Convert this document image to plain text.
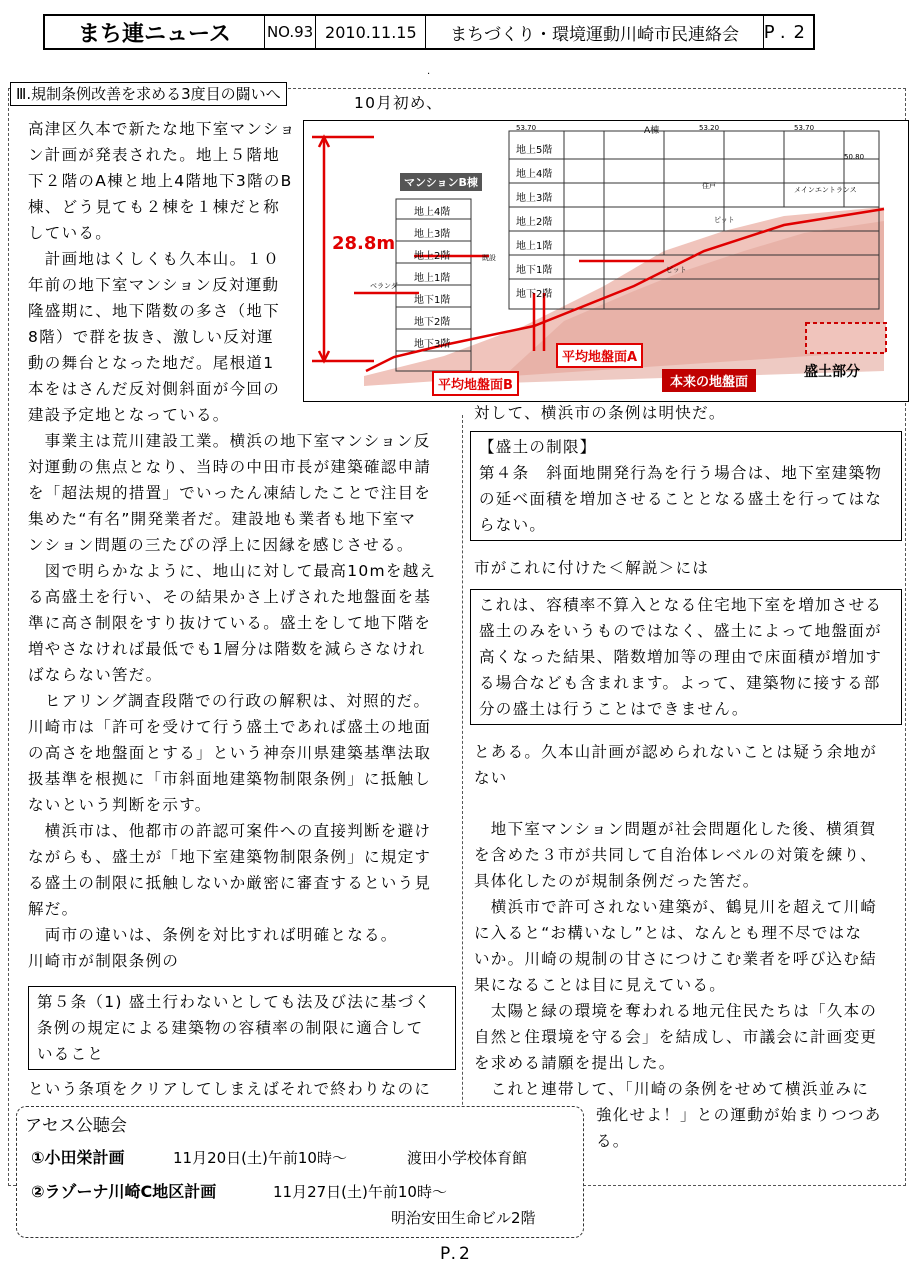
まち連ニュース	NO.93 2010.11.15	まちづくり・環境運動川崎市民連絡会	P.2
.
Ⅲ.規制条例改善を求める3度目の闘いへ	10月初め、
高津区久本で新たな地下室マンショ
ン計画が発表された。地上５階地
下２階のA棟と地上4階地下3階のB
棟、どう見ても２棟を１棟だと称
している。
　計画地はくしくも久本山。１０
年前の地下室マンション反対運動
隆盛期に、地下階数の多さ（地下
8階）で群を抜き、激しい反対運
動の舞台となった地だ。尾根道1
本をはさんだ反対側斜面が今回の
建設予定地となっている。
　事業主は荒川建設工業。横浜の地下室マンション反
対運動の焦点となり、当時の中田市長が建築確認申請
を「超法規的措置」でいったん凍結したことで注目を
集めた“有名”開発業者だ。建設地も業者も地下室マ
ンション問題の三たびの浮上に因縁を感じさせる。
　図で明らかなように、地山に対して最高10mを越え
る高盛土を行い、その結果かさ上げされた地盤面を基
準に高さ制限をすり抜けている。盛土をして地下階を
増やさなければ最低でも1層分は階数を減らさなけれ
ばならない筈だ。
　ヒアリング調査段階での行政の解釈は、対照的だ。
川崎市は「許可を受けて行う盛土であれば盛土の地面
の高さを地盤面とする」という神奈川県建築基準法取
扱基準を根拠に「市斜面地建築物制限条例」に抵触し
ないという判断を示す。
　横浜市は、他都市の許認可案件への直接判断を避け
ながらも、盛土が「地下室建築物制限条例」に規定す
る盛土の制限に抵触しないか厳密に審査するという見
解だ。
　両市の違いは、条例を対比すれば明確となる。
川崎市が制限条例の
第５条（1) 盛土行わないとしても法及び法に基づく
条例の規定による建築物の容積率の制限に適合して
いること
という条項をクリアしてしまえばそれで終わりなのに
28.8m
マンションB棟
地上4階
地上3階
地上2階
地上1階
地下1階
地下2階
地下3階
A棟
地上5階
地上4階
地上3階
地上2階
地上1階
地下1階
地下2階
53.70	53.20	53.70
50.80
ピット
ピット
住戸	メインエントランス
ベランダ
既設
平均地盤面A
平均地盤面B	本来の地盤面
盛土部分
対して、横浜市の条例は明快だ。
【盛土の制限】
第４条　斜面地開発行為を行う場合は、地下室建築物
の延べ面積を増加させることとなる盛土を行ってはな
らない。
市がこれに付けた＜解説＞には
これは、容積率不算入となる住宅地下室を増加させる
盛土のみをいうものではなく、盛土によって地盤面が
高くなった結果、階数増加等の理由で床面積が増加す
る場合なども含まれます。よって、建築物に接する部
分の盛土は行うことはできません。
とある。久本山計画が認められないことは疑う余地が
ない
　地下室マンション問題が社会問題化した後、横須賀
を含めた３市が共同して自治体レベルの対策を練り、
具体化したのが規制条例だった筈だ。
　横浜市で許可されない建築が、鶴見川を超えて川崎
に入ると“お構いなし”とは、なんとも理不尽ではな
いか。川崎の規制の甘さにつけこむ業者を呼び込む結
果になることは目に見えている。
　太陽と緑の環境を奪われる地元住民たちは「久本の
自然と住環境を守る会」を結成し、市議会に計画変更
を求める請願を提出した。
　これと連帯して、「川崎の条例をせめて横浜並みに
強化せよ！」との運動が始まりつつあ
る。
アセス公聴会
①小田栄計画	11月20日(土)午前10時～	渡田小学校体育館
②ラゾーナ川崎C地区計画	11月27日(土)午前10時～
明治安田生命ビル2階
P.2
